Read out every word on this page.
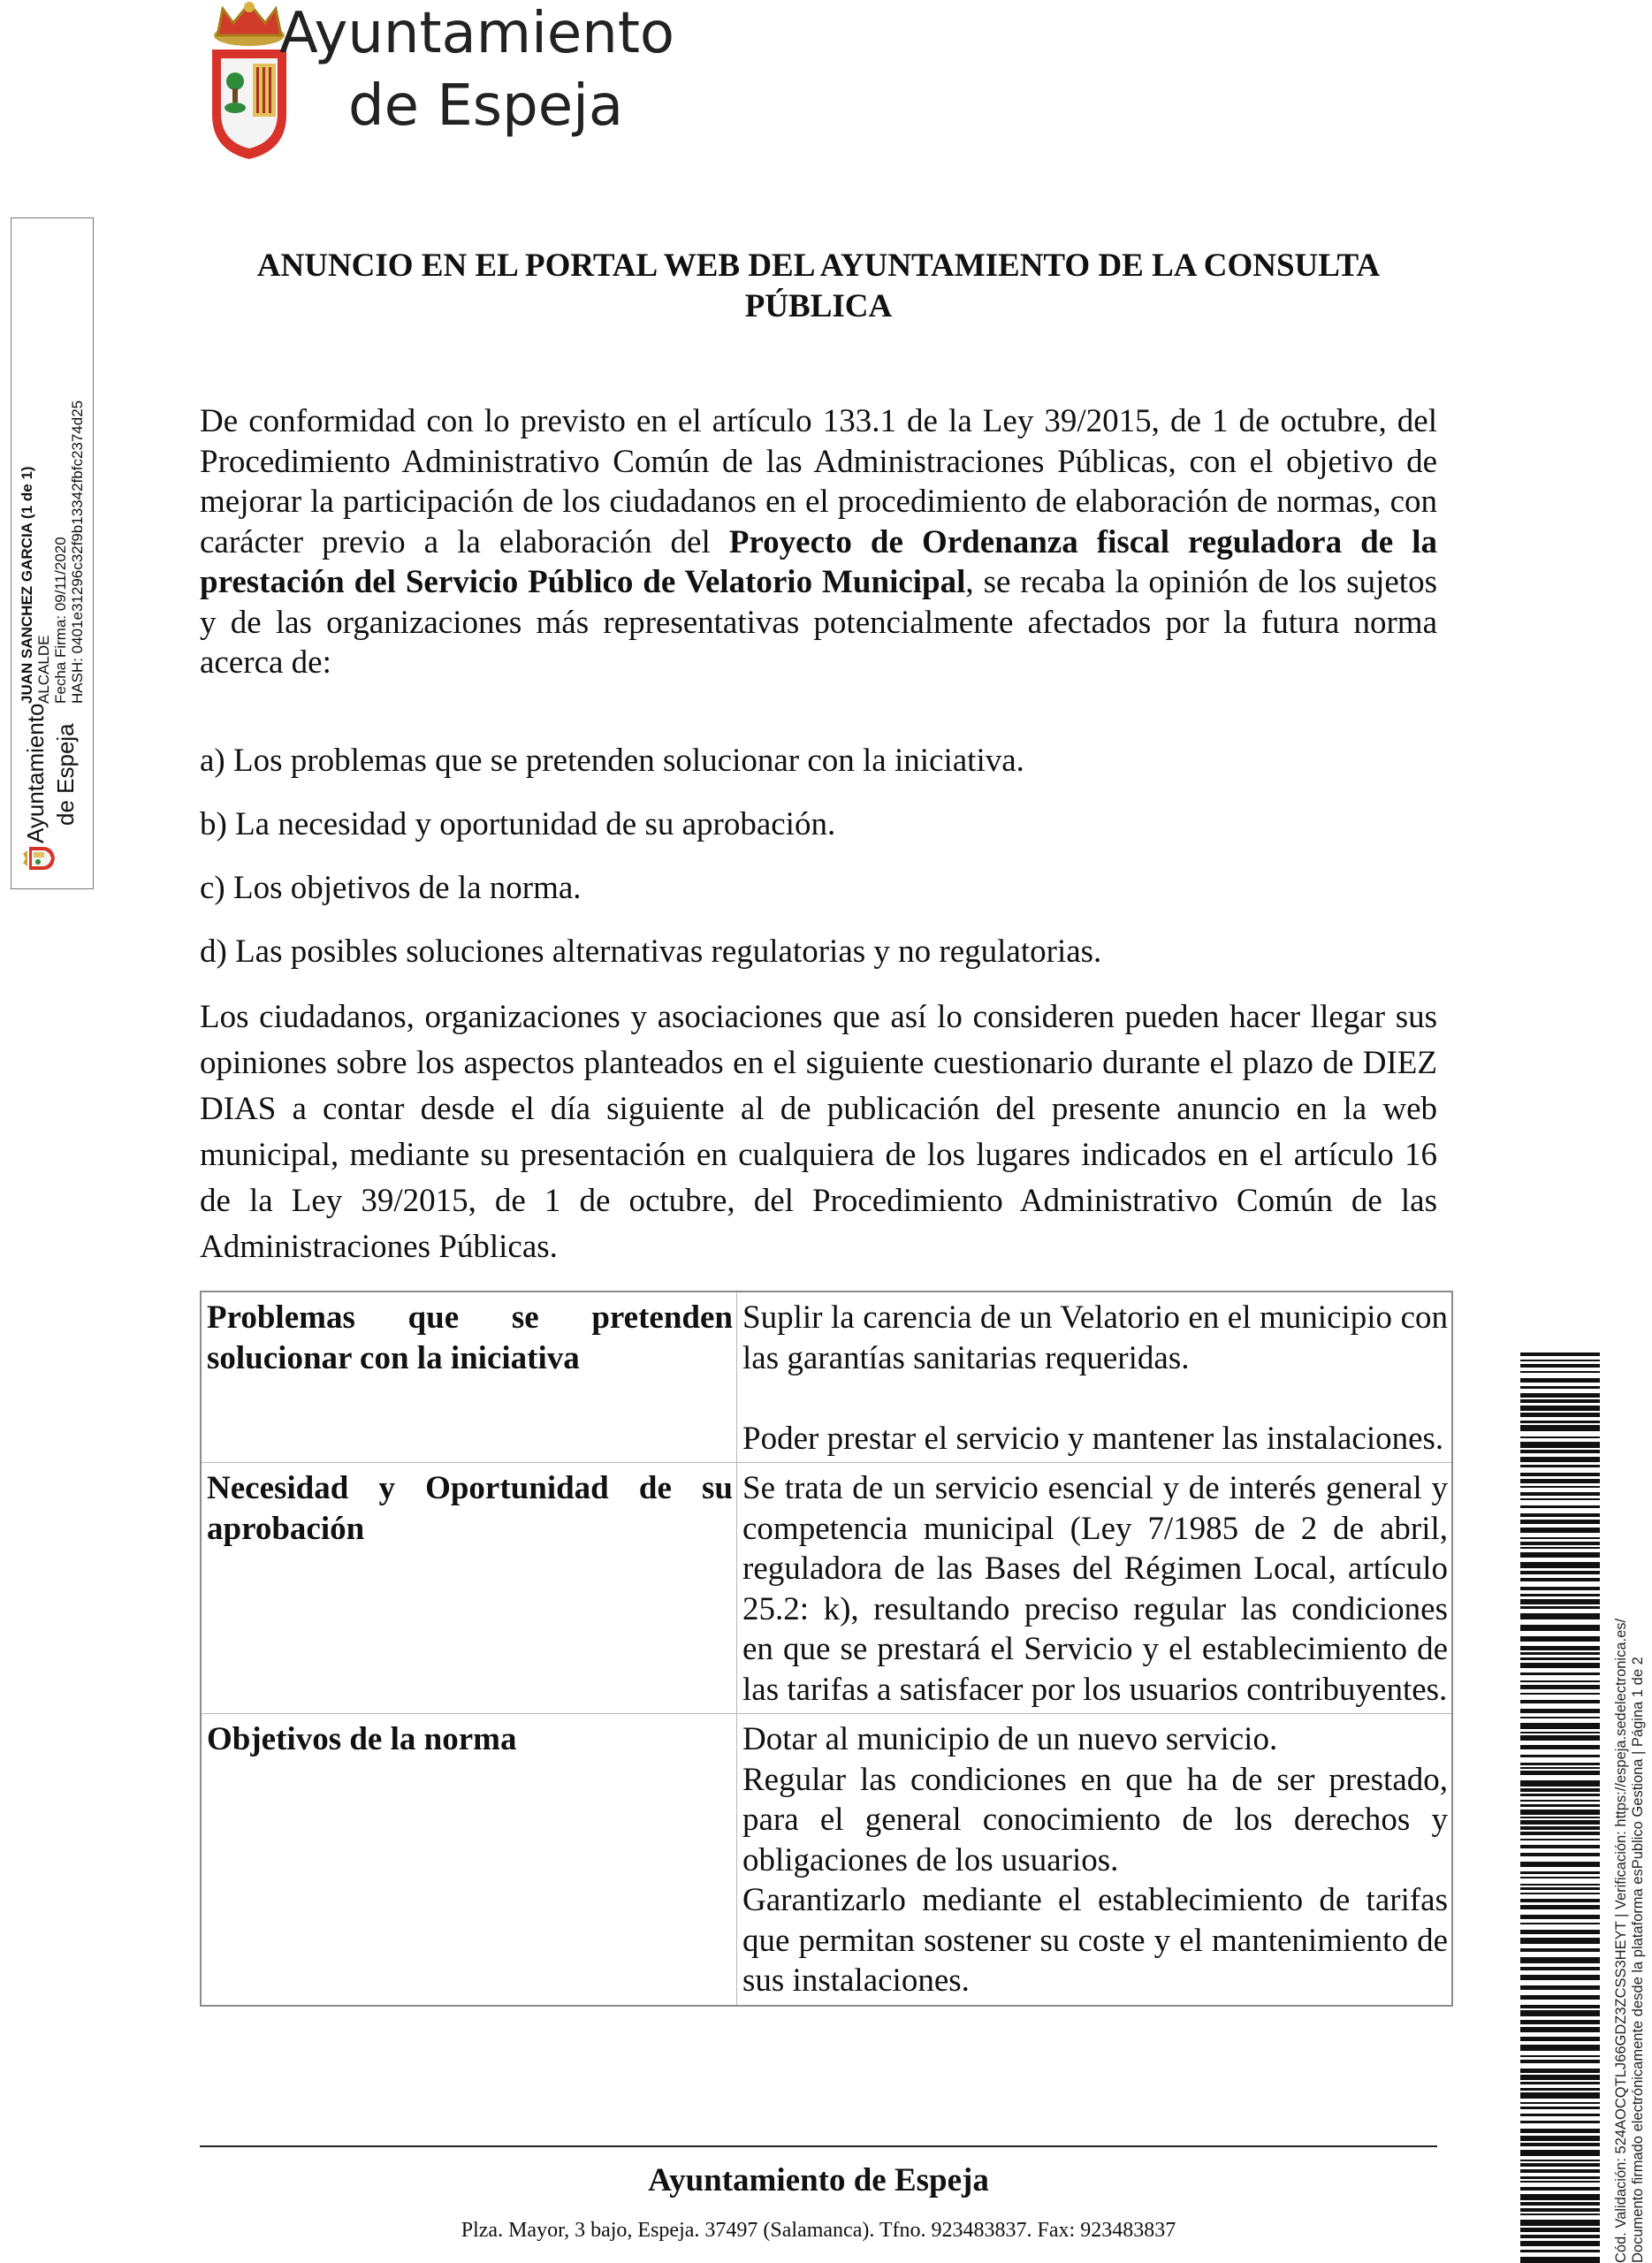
Ayuntamiento
de Espeja
Ayuntamiento de Espeja
JUAN SANCHEZ GARCIA (1 de 1) ALCALDE Fecha Firma: 09/11/2020 HASH: 0401e31296c32f9b13342fbfc2374d25
Cód. Validación: 524AOCQTLJ66GDZ3ZCSS3HEYT | Verificación: https://espeja.sedelectronica.es/ Documento firmado electrónicamente desde la plataforma esPublico Gestiona | Página 1 de 2
ANUNCIO EN EL PORTAL WEB DEL AYUNTAMIENTO DE LA CONSULTA PÚBLICA

De conformidad con lo previsto en el artículo 133.1 de la Ley 39/2015, de 1 de octubre, del Procedimiento Administrativo Común de las Administraciones Públicas, con el objetivo de mejorar la participación de los ciudadanos en el procedimiento de elaboración de normas, con carácter previo a la elaboración del Proyecto de Ordenanza fiscal reguladora de la prestación del Servicio Público de Velatorio Municipal, se recaba la opinión de los sujetos y de las organizaciones más representativas potencialmente afectados por la futura norma acerca de:

a) Los problemas que se pretenden solucionar con la iniciativa.

b) La necesidad y oportunidad de su aprobación.

c) Los objetivos de la norma.

d) Las posibles soluciones alternativas regulatorias y no regulatorias.

Los ciudadanos, organizaciones y asociaciones que así lo consideren pueden hacer llegar sus opiniones sobre los aspectos planteados en el siguiente cuestionario durante el plazo de DIEZ DIAS a contar desde el día siguiente al de publicación del presente anuncio en la web municipal, mediante su presentación en cualquiera de los lugares indicados en el artículo 16 de la Ley 39/2015, de 1 de octubre, del Procedimiento Administrativo Común de las Administraciones Públicas.

Problemas que se pretenden solucionar con la iniciativa	Suplir la carencia de un Velatorio en el municipio con las garantías sanitarias requeridas.

Poder prestar el servicio y mantener las instalaciones.

Necesidad y Oportunidad de su aprobación	Se trata de un servicio esencial y de interés general y competencia municipal (Ley 7/1985 de 2 de abril, reguladora de las Bases del Régimen Local, artículo 25.2: k), resultando preciso regular las condiciones en que se prestará el Servicio y el establecimiento de las tarifas a satisfacer por los usuarios contribuyentes.

Objetivos de la norma	Dotar al municipio de un nuevo servicio.

Regular las condiciones en que ha de ser prestado, para el general conocimiento de los derechos y obligaciones de los usuarios.

Garantizarlo mediante el establecimiento de tarifas que permitan sostener su coste y el mantenimiento de sus instalaciones.

Ayuntamiento de Espeja

Plza. Mayor, 3 bajo, Espeja. 37497 (Salamanca). Tfno. 923483837. Fax: 923483837
